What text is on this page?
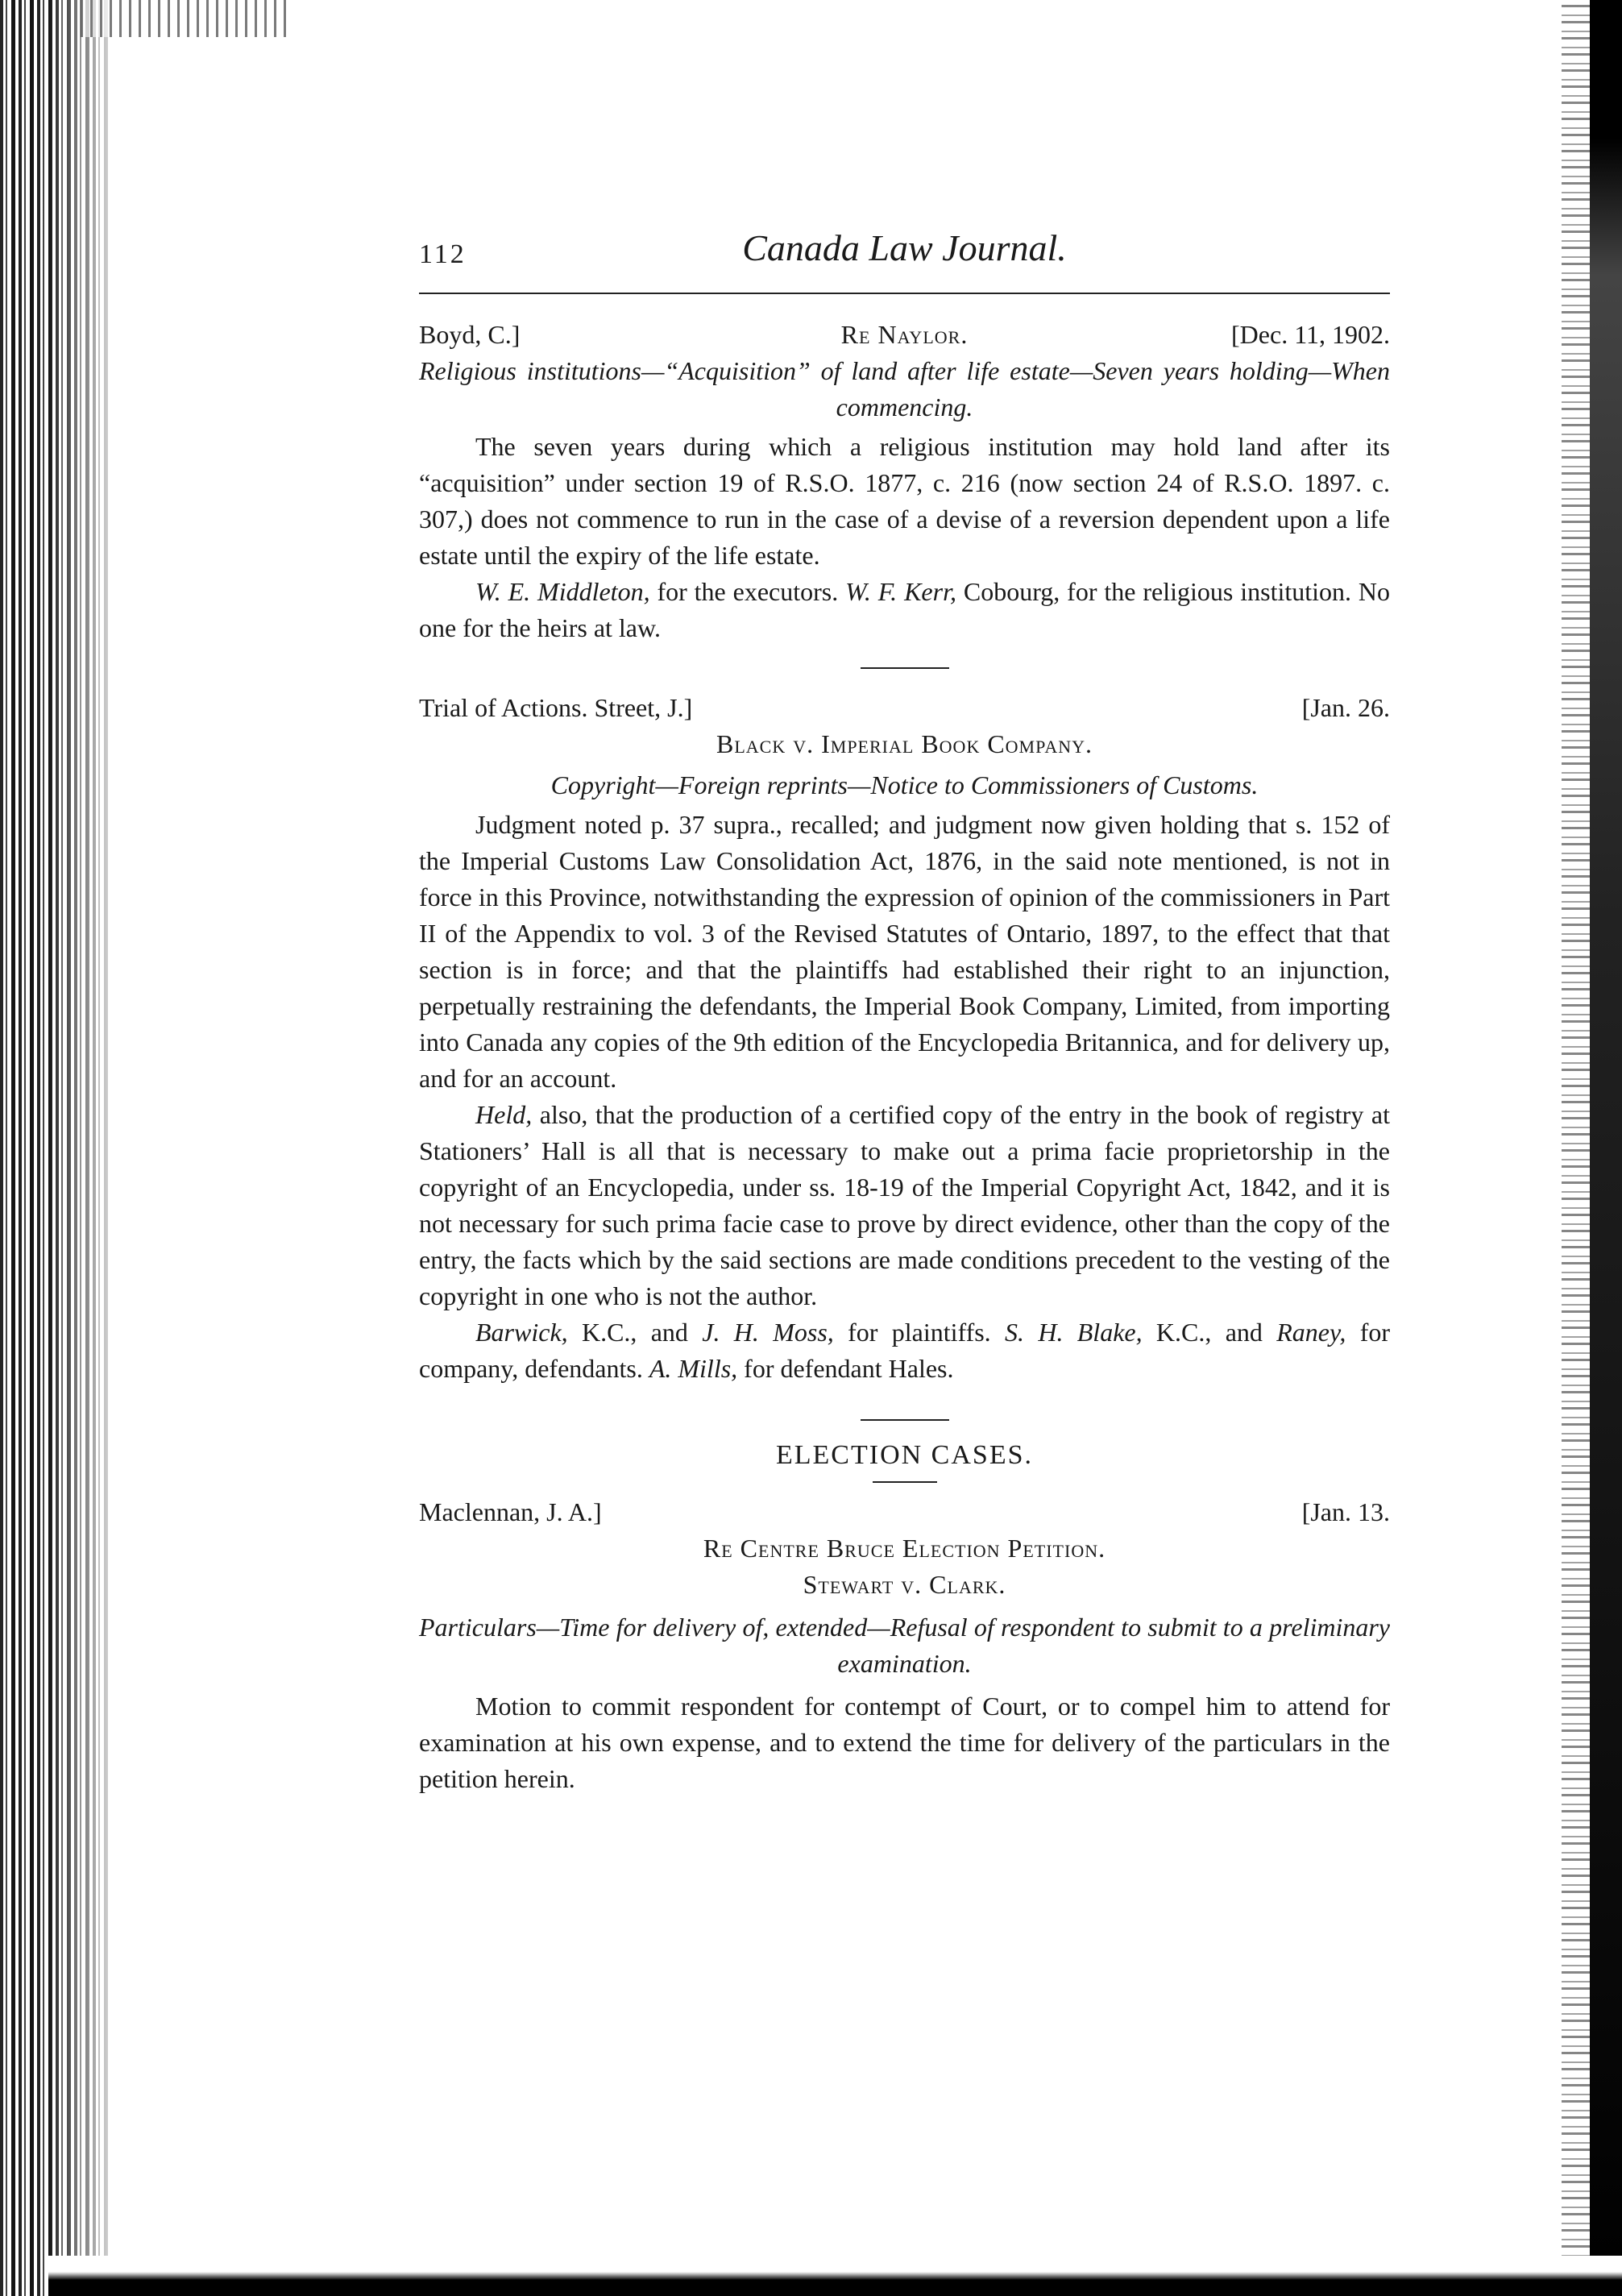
112	Canada Law Journal.
Boyd, C.]	Re Naylor.	[Dec. 11, 1902.

Religious institutions—“Acquisition” of land after life estate—Seven years holding—When commencing.

The seven years during which a religious institution may hold land after its “acquisition” under section 19 of R.S.O. 1877, c. 216 (now section 24 of R.S.O. 1897. c. 307,) does not commence to run in the case of a devise of a reversion dependent upon a life estate until the expiry of the life estate.

W. E. Middleton, for the executors. W. F. Kerr, Cobourg, for the religious institution. No one for the heirs at law.

Trial of Actions. Street, J.]	[Jan. 26.
Black v. Imperial Book Company.

Copyright—Foreign reprints—Notice to Commissioners of Customs.

Judgment noted p. 37 supra., recalled; and judgment now given holding that s. 152 of the Imperial Customs Law Consolidation Act, 1876, in the said note mentioned, is not in force in this Province, notwithstanding the expression of opinion of the commissioners in Part II of the Appendix to vol. 3 of the Revised Statutes of Ontario, 1897, to the effect that that section is in force; and that the plaintiffs had established their right to an injunction, perpetually restraining the defendants, the Imperial Book Company, Limited, from importing into Canada any copies of the 9th edition of the Encyclopedia Britannica, and for delivery up, and for an account.

Held, also, that the production of a certified copy of the entry in the book of registry at Stationers’ Hall is all that is necessary to make out a prima facie proprietorship in the copyright of an Encyclopedia, under ss. 18-19 of the Imperial Copyright Act, 1842, and it is not necessary for such prima facie case to prove by direct evidence, other than the copy of the entry, the facts which by the said sections are made conditions precedent to the vesting of the copyright in one who is not the author.

Barwick, K.C., and J. H. Moss, for plaintiffs. S. H. Blake, K.C., and Raney, for company, defendants. A. Mills, for defendant Hales.

ELECTION CASES.
Maclennan, J. A.]	[Jan. 13.
Re Centre Bruce Election Petition.
Stewart v. Clark.

Particulars—Time for delivery of, extended—Refusal of respondent to submit to a preliminary examination.

Motion to commit respondent for contempt of Court, or to compel him to attend for examination at his own expense, and to extend the time for delivery of the particulars in the petition herein.
